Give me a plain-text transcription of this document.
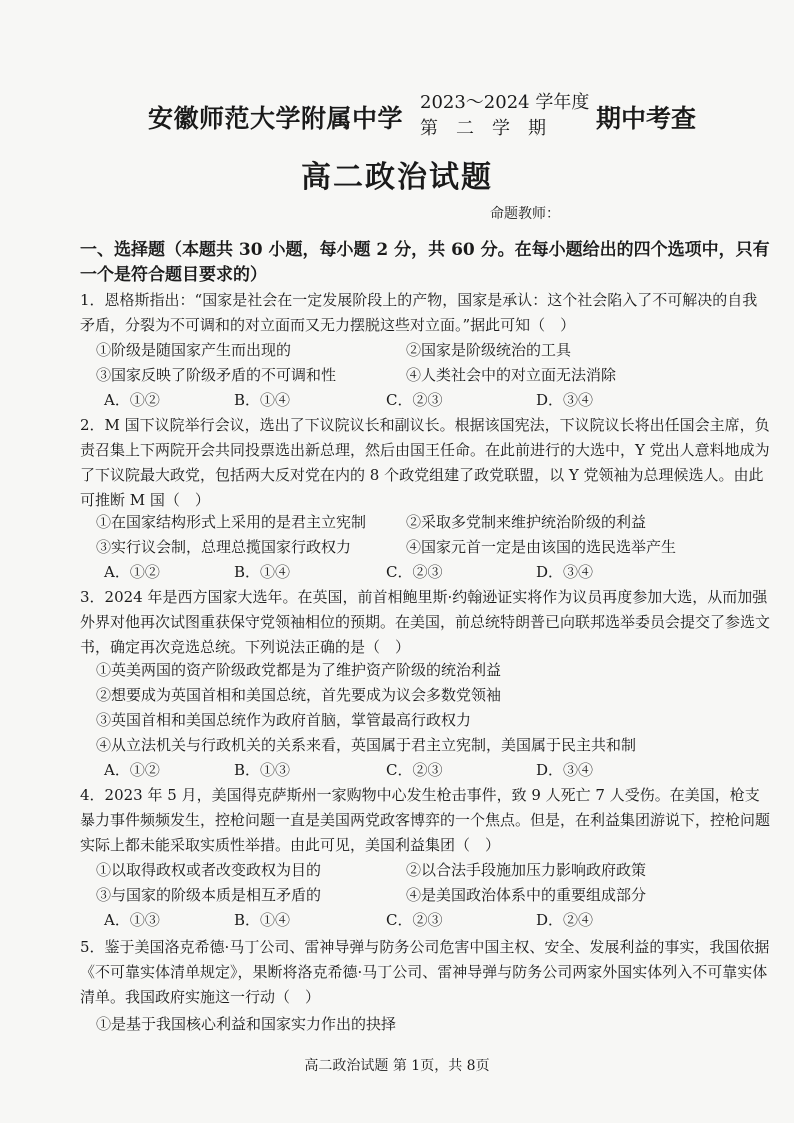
安徽师范大学附属中学
2023～2024 学年度
第二学期	期中考查
高二政治试题
命题教师：
一、选择题（本题共 30 小题，每小题 2 分，共 60 分。在每小题给出的四个选项中，只有一个是符合题目要求的）

1．恩格斯指出：“国家是社会在一定发展阶段上的产物，国家是承认：这个社会陷入了不可解决的自我矛盾，分裂为不可调和的对立面而又无力摆脱这些对立面。”据此可知（　）

①阶级是随国家产生而出现的	②国家是阶级统治的工具
③国家反映了阶级矛盾的不可调和性	④人类社会中的对立面无法消除
A．①②	B．①④	C．②③	D．③④

2．M 国下议院举行会议，选出了下议院议长和副议长。根据该国宪法，下议院议长将出任国会主席，负责召集上下两院开会共同投票选出新总理，然后由国王任命。在此前进行的大选中，Y 党出人意料地成为了下议院最大政党，包括两大反对党在内的 8 个政党组建了政党联盟，以 Y 党领袖为总理候选人。由此可推断 M 国（　）

①在国家结构形式上采用的是君主立宪制	②采取多党制来维护统治阶级的利益
③实行议会制，总理总揽国家行政权力	④国家元首一定是由该国的选民选举产生
A．①②	B．①④	C．②③	D．③④

3．2024 年是西方国家大选年。在英国，前首相鲍里斯·约翰逊证实将作为议员再度参加大选，从而加强外界对他再次试图重获保守党领袖相位的预期。在美国，前总统特朗普已向联邦选举委员会提交了参选文书，确定再次竞选总统。下列说法正确的是（　）

①英美两国的资产阶级政党都是为了维护资产阶级的统治利益
②想要成为英国首相和美国总统，首先要成为议会多数党领袖
③英国首相和美国总统作为政府首脑，掌管最高行政权力
④从立法机关与行政机关的关系来看，英国属于君主立宪制，美国属于民主共和制
A．①②	B．①③	C．②③	D．③④

4．2023 年 5 月，美国得克萨斯州一家购物中心发生枪击事件，致 9 人死亡 7 人受伤。在美国，枪支暴力事件频频发生，控枪问题一直是美国两党政客博弈的一个焦点。但是，在利益集团游说下，控枪问题实际上都未能采取实质性举措。由此可见，美国利益集团（　）

①以取得政权或者改变政权为目的	②以合法手段施加压力影响政府政策
③与国家的阶级本质是相互矛盾的	④是美国政治体系中的重要组成部分
A．①③	B．①④	C．②③	D．②④

5．鉴于美国洛克希德·马丁公司、雷神导弹与防务公司危害中国主权、安全、发展利益的事实，我国依据《不可靠实体清单规定》，果断将洛克希德·马丁公司、雷神导弹与防务公司两家外国实体列入不可靠实体清单。我国政府实施这一行动（　）

①是基于我国核心利益和国家实力作出的抉择
高二政治试题 第 1页，共 8页
